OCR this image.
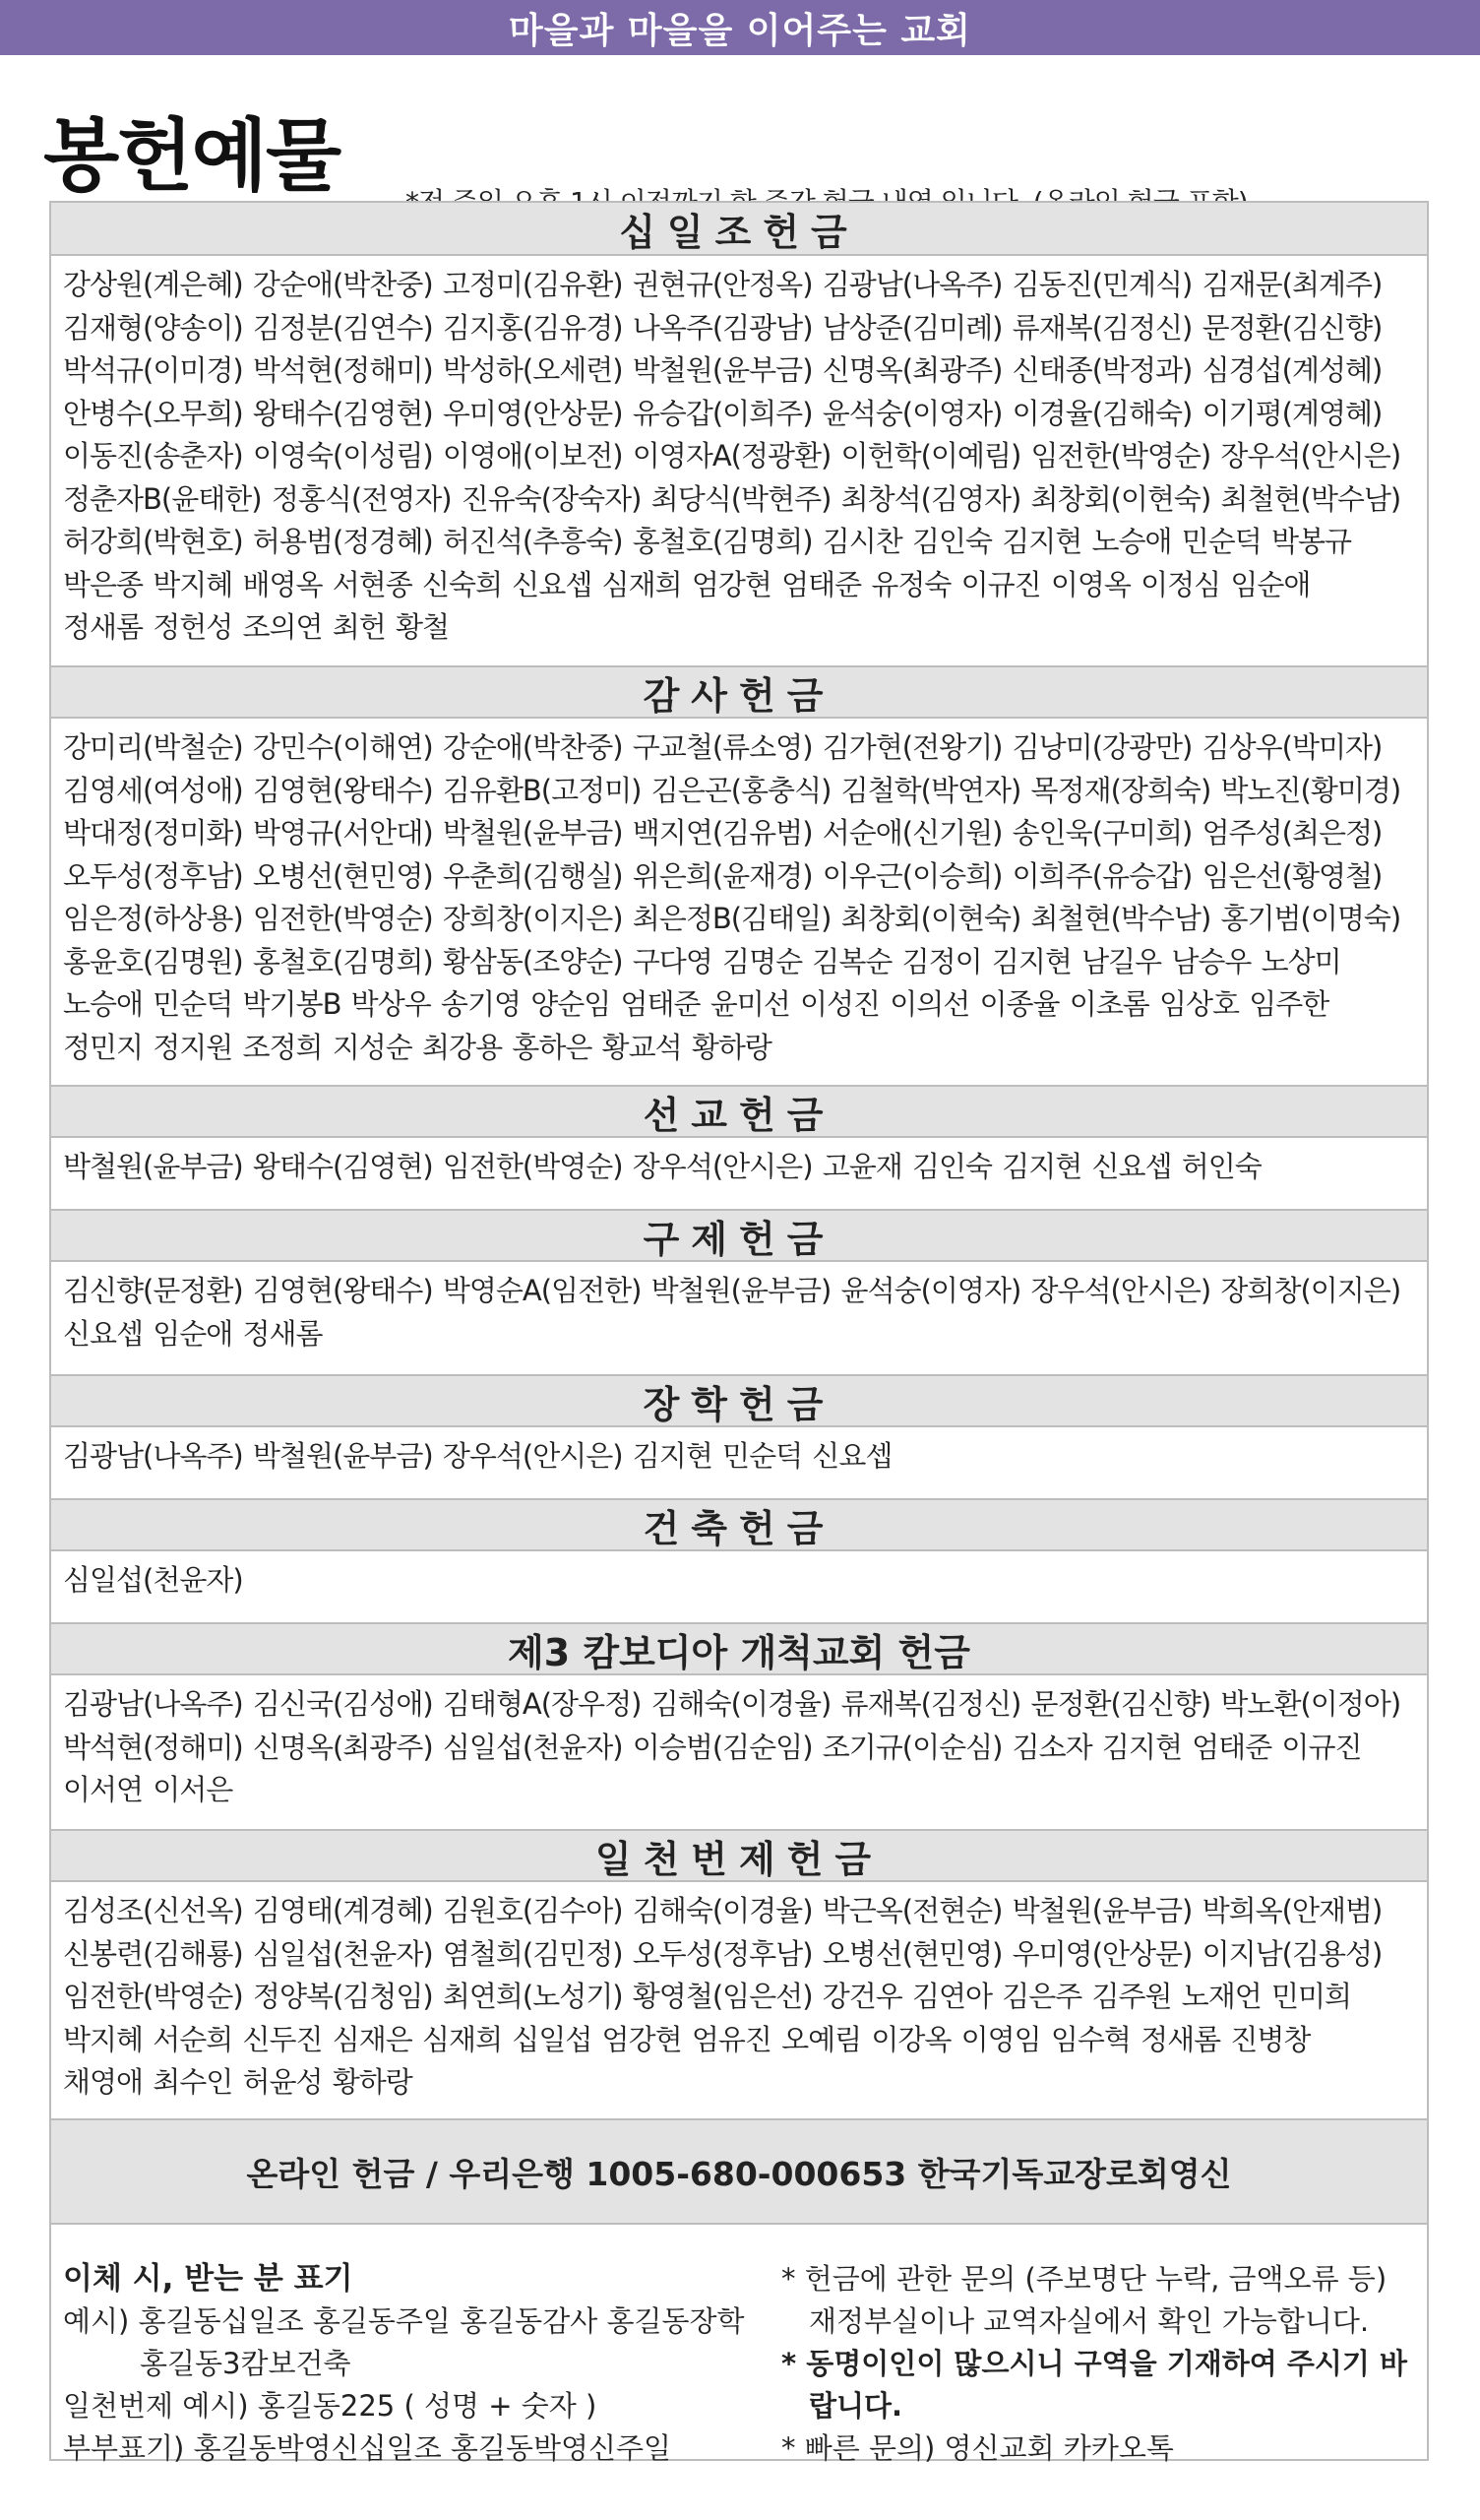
마을과 마을을 이어주는 교회
봉헌예물
십일조헌금
강상원(계은혜) 강순애(박찬중) 고정미(김유환) 권현규(안정옥) 김광남(나옥주) 김동진(민계식) 김재문(최계주)
김재형(양송이) 김정분(김연수) 김지홍(김유경) 나옥주(김광남) 남상준(김미례) 류재복(김정신) 문정환(김신향)
박석규(이미경) 박석현(정해미) 박성하(오세련) 박철원(윤부금) 신명옥(최광주) 신태종(박정과) 심경섭(계성혜)
안병수(오무희) 왕태수(김영현) 우미영(안상문) 유승갑(이희주) 윤석숭(이영자) 이경율(김해숙) 이기평(계영혜)
이동진(송춘자) 이영숙(이성림) 이영애(이보전) 이영자A(정광환) 이헌학(이예림) 임전한(박영순) 장우석(안시은)
정춘자B(윤태한) 정홍식(전영자) 진유숙(장숙자) 최당식(박현주) 최창석(김영자) 최창회(이현숙) 최철현(박수남)
허강희(박현호) 허용범(정경혜) 허진석(추흥숙) 홍철호(김명희) 김시찬 김인숙 김지현 노승애 민순덕 박봉규
박은종 박지혜 배영옥 서현종 신숙희 신요셉 심재희 엄강현 엄태준 유정숙 이규진 이영옥 이정심 임순애
정새롬 정헌성 조의연 최헌 황철
감사헌금
강미리(박철순) 강민수(이해연) 강순애(박찬중) 구교철(류소영) 김가현(전왕기) 김낭미(강광만) 김상우(박미자)
김영세(여성애) 김영현(왕태수) 김유환B(고정미) 김은곤(홍충식) 김철학(박연자) 목정재(장희숙) 박노진(황미경)
박대정(정미화) 박영규(서안대) 박철원(윤부금) 백지연(김유범) 서순애(신기원) 송인욱(구미희) 엄주성(최은정)
오두성(정후남) 오병선(현민영) 우춘희(김행실) 위은희(윤재경) 이우근(이승희) 이희주(유승갑) 임은선(황영철)
임은정(하상용) 임전한(박영순) 장희창(이지은) 최은정B(김태일) 최창회(이현숙) 최철현(박수남) 홍기범(이명숙)
홍윤호(김명원) 홍철호(김명희) 황삼동(조양순) 구다영 김명순 김복순 김정이 김지현 남길우 남승우 노상미
노승애 민순덕 박기봉B 박상우 송기영 양순임 엄태준 윤미선 이성진 이의선 이종율 이초롬 임상호 임주한
정민지 정지원 조정희 지성순 최강용 홍하은 황교석 황하랑
선교헌금
박철원(윤부금) 왕태수(김영현) 임전한(박영순) 장우석(안시은) 고윤재 김인숙 김지현 신요셉 허인숙
구제헌금
김신향(문정환) 김영현(왕태수) 박영순A(임전한) 박철원(윤부금) 윤석숭(이영자) 장우석(안시은) 장희창(이지은)
신요셉 임순애 정새롬
장학헌금
김광남(나옥주) 박철원(윤부금) 장우석(안시은) 김지현 민순덕 신요셉
건축헌금
심일섭(천윤자)
제3 캄보디아 개척교회 헌금
김광남(나옥주) 김신국(김성애) 김태형A(장우정) 김해숙(이경율) 류재복(김정신) 문정환(김신향) 박노환(이정아)
박석현(정해미) 신명옥(최광주) 심일섭(천윤자) 이승범(김순임) 조기규(이순심) 김소자 김지현 엄태준 이규진
이서연 이서은
일천번제헌금
김성조(신선옥) 김영태(계경혜) 김원호(김수아) 김해숙(이경율) 박근옥(전현순) 박철원(윤부금) 박희옥(안재범)
신봉련(김해룡) 심일섭(천윤자) 염철희(김민정) 오두성(정후남) 오병선(현민영) 우미영(안상문) 이지남(김용성)
임전한(박영순) 정양복(김청임) 최연희(노성기) 황영철(임은선) 강건우 김연아 김은주 김주원 노재언 민미희
박지혜 서순희 신두진 심재은 심재희 십일섭 엄강현 엄유진 오예림 이강옥 이영임 임수혁 정새롬 진병창
채영애 최수인 허윤성 황하랑
온라인 헌금 / 우리은행 1005-680-000653 한국기독교장로회영신
이체 시, 받는 분 표기
예시) 홍길동십일조 홍길동주일 홍길동감사 홍길동장학
홍길동3캄보건축
일천번제 예시) 홍길동225 ( 성명 + 숫자 )
부부표기) 홍길동박영신십일조 홍길동박영신주일
* 헌금에 관한 문의 (주보명단 누락, 금액오류 등) 재정부실이나 교역자실에서 확인 가능합니다.
* 동명이인이 많으시니 구역을 기재하여 주시기 바랍니다.
* 빠른 문의) 영신교회 카카오톡
